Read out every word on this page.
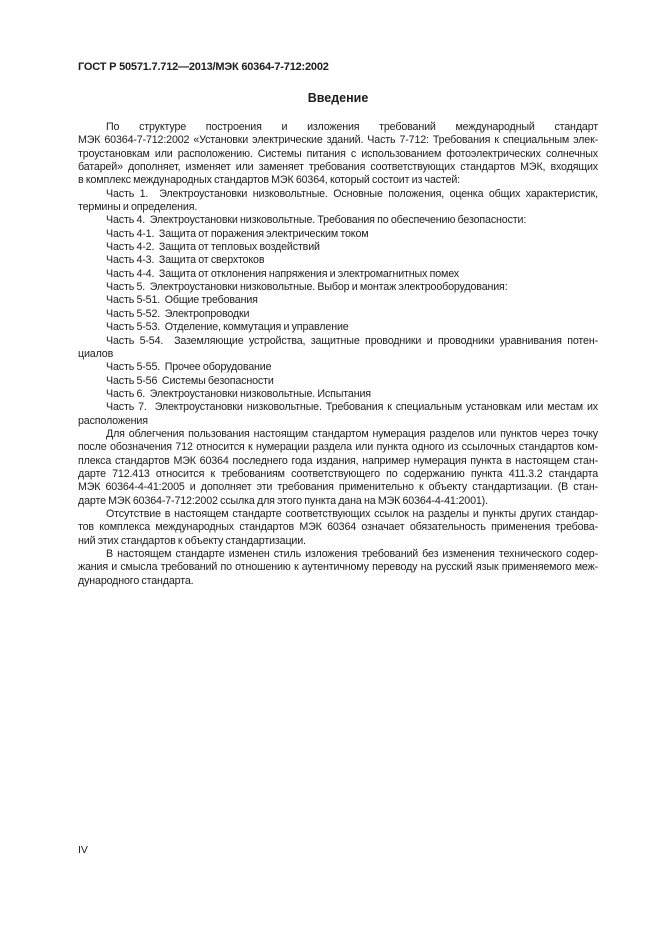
ГОСТ Р 50571.7.712—2013/МЭК 60364-7-712:2002
Введение
По структуре построения и изложения требований международный стандарт
МЭК 60364-7-712:2002 «Установки электрические зданий. Часть 7-712: Требования к специальным элек-
троустановкам или расположению. Системы питания с использованием фотоэлектрических солнечных
батарей» дополняет, изменяет или заменяет требования соответствующих стандартов МЭК, входящих
в комплекс международных стандартов МЭК 60364, который состоит из частей:
Часть 1.  Электроустановки низковольтные. Основные положения, оценка общих характеристик,
термины и определения.
Часть 4.  Электроустановки низковольтные. Требования по обеспечению безопасности:
Часть 4-1.  Защита от поражения электрическим током
Часть 4-2.  Защита от тепловых воздействий
Часть 4-3.  Защита от сверхтоков
Часть 4-4.  Защита от отклонения напряжения и электромагнитных помех
Часть 5.  Электроустановки низковольтные. Выбор и монтаж электрооборудования:
Часть 5-51.  Общие требования
Часть 5-52.  Электропроводки
Часть 5-53.  Отделение, коммутация и управление
Часть 5-54.  Заземляющие устройства, защитные проводники и проводники уравнивания потен-
циалов
Часть 5-55.  Прочее оборудование
Часть 5-56  Системы безопасности
Часть 6.  Электроустановки низковольтные. Испытания
Часть 7.  Электроустановки низковольтные. Требования к специальным установкам или местам их
расположения
Для облегчения пользования настоящим стандартом нумерация разделов или пунктов через точку
после обозначения 712 относится к нумерации раздела или пункта одного из ссылочных стандартов ком-
плекса стандартов МЭК 60364 последнего года издания, например нумерация пункта в настоящем стан-
дарте 712.413 относится к требованиям соответствующего по содержанию пункта 411.3.2 стандарта
МЭК 60364-4-41:2005 и дополняет эти требования применительно к объекту стандартизации. (В стан-
дарте МЭК 60364-7-712:2002 ссылка для этого пункта дана на МЭК 60364-4-41:2001).
Отсутствие в настоящем стандарте соответствующих ссылок на разделы и пункты других стандар-
тов комплекса международных стандартов МЭК 60364 означает обязательность применения требова-
ний этих стандартов к объекту стандартизации.
В настоящем стандарте изменен стиль изложения требований без изменения технического содер-
жания и смысла требований по отношению к аутентичному переводу на русский язык применяемого меж-
дународного стандарта.
IV
